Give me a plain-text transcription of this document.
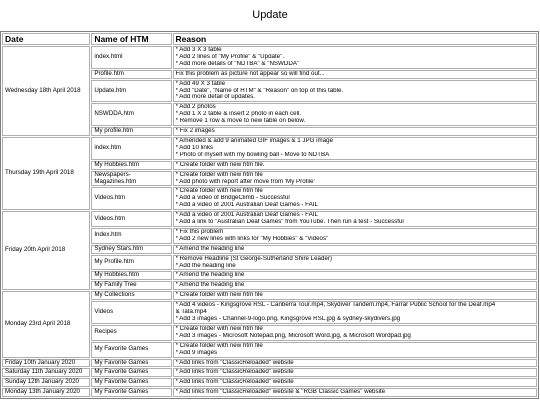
Update
Date	Name of HTM	Reason
Wednesday 18th April 2018	index.html	* Add 3 X 3 table
* Add 2 lines of "My Profile" & "Update".
* Add more details of "NDTBA" & "NSWDDA"

	Profile.htm	Fix this problem as picture not appear so will find out...

	Update.htm	* Add 49 X 3 table
* Add "Date", "Name of HTM" & "Reason" on top of this table.
* Add more detail of updates.

	NSWDDA.htm	* Add 2 photos
* Add 1 X 2 table & insert 2 photo in each cell.
* Remove 1 row & move to new table on below.

	My profile.htm	* Fix 2 images

Thursday 19th April 2018	index.htm	* Amended & add 9 animated GIF images & 1 JPG image
* Add 10 links
* Photo of myself with my bowling ball - Move to NDTBA

	My Hobbies.htm	* Create folder with new htm file.

	Newspapers-Magazines.htm	* Create folder with new htm file
* Add photo with report after move from 'My Profile'

	Videos.htm	* Create folder with new htm file
* Add a video of BridgeClimb - Successful
* Add a video of 2001 Australian Deaf Games - FAIL

Friday 20th April 2018	Videos.htm	* Add a video of 2001 Australian Deaf Games - FAIL
* Add a link to "Australian Deaf Games" from YouTube. Then run a test - Successful

	Index.htm	* Fix this problem
* Add 2 new lines with links for "My Hobbies" & "Videos"

	Sydney Stars.htm	* Amend the heading line

	My Profile.htm	* Remove Headline (St George-Sutherland Shire Leader)
* Add the heading line

	My Hobbies.htm	* Amend the heading line

	My Family Tree	* Amend the heading line

Monday 23rd April 2018	My Collections	* Create folder with new htm file

	Videos	* Add 4 videos - Kingsgrove RSL - Canberra Tour.mp4, Skydiver Tandem.mp4, Farrar Public School for the Deaf.mp4
& Tata.mp4
* Add 3 images - Channel-9-logo.png, Kingsgrove RSL.jpg & sydney-skydivers.jpg

	Recipes	* Create folder with new htm file
* Add 3 images - Microsoft Notepad.png, Microsoft Word.jpg, & Microsoft Wordpad.jpg

	My Favorite Games	* Create folder with new htm file
* Add 9 images

Friday 10th January 2020	My Favorite Games	* Add links from "ClassicReloaded" website

Saturday 11th January 2020	My Favorite Games	* Add links from "ClassicReloaded" website

Sunday 12th January 2020	My Favorite Games	* Add links from "ClassicReloaded" website

Monday 13th January 2020	My Favorite Games	* Add links from "ClassicReloaded" website & "RGB Classic Games" website
